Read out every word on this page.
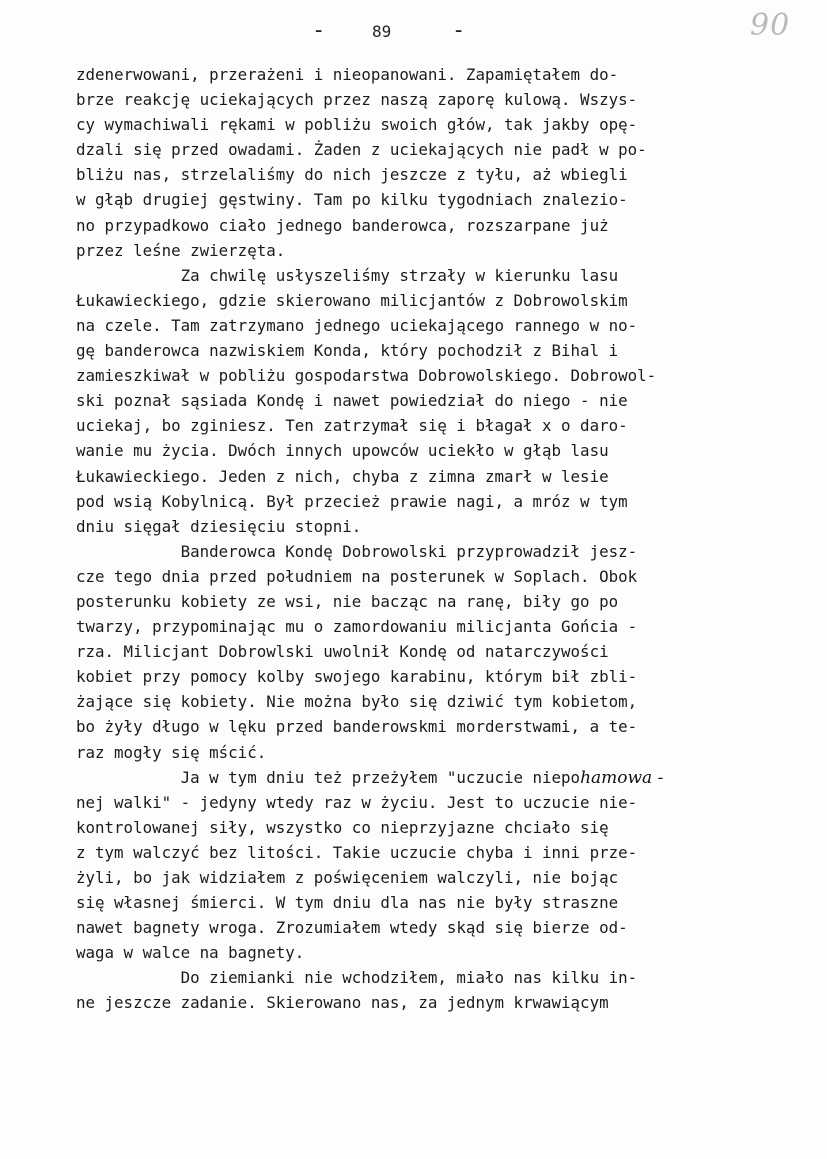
-	89	-	90
zdenerwowani, przerażeni i nieopanowani. Zapamiętałem do-
brze reakcję uciekających przez naszą zaporę kulową. Wszys-
cy wymachiwali rękami w pobliżu swoich głów, tak jakby opę-
dzali się przed owadami. Żaden z uciekających nie padł w po-
bliżu nas, strzelaliśmy do nich jeszcze z tyłu, aż wbiegli
w głąb drugiej gęstwiny. Tam po kilku tygodniach znalezio-
no przypadkowo ciało jednego banderowca, rozszarpane już
przez leśne zwierzęta.
Za chwilę usłyszeliśmy strzały w kierunku lasu
Łukawieckiego, gdzie skierowano milicjantów z Dobrowolskim
na czele. Tam zatrzymano jednego uciekającego rannego w no-
gę banderowca nazwiskiem Konda, który pochodził z Bihal i
zamieszkiwał w pobliżu gospodarstwa Dobrowolskiego. Dobrowol-
ski poznał sąsiada Kondę i nawet powiedział do niego - nie
uciekaj, bo zginiesz. Ten zatrzymał się i błagał x o daro-
wanie mu życia. Dwóch innych upowców uciekło w głąb lasu
Łukawieckiego. Jeden z nich, chyba z zimna zmarł w lesie
pod wsią Kobylnicą. Był przecież prawie nagi, a mróz w tym
dniu sięgał dziesięciu stopni.
Banderowca Kondę Dobrowolski przyprowadził jesz-
cze tego dnia przed południem na posterunek w Soplach. Obok
posterunku kobiety ze wsi, nie bacząc na ranę, biły go po
twarzy, przypominając mu o zamordowaniu milicjanta Gońcia -
rza. Milicjant Dobrowlski uwolnił Kondę od natarczywości
kobiet przy pomocy kolby swojego karabinu, którym bił zbli-
żające się kobiety. Nie można było się dziwić tym kobietom,
bo żyły długo w lęku przed banderowskmi morderstwami, a te-
raz mogły się mścić.
Ja w tym dniu też przeżyłem "uczucie niepohamowa -
nej walki" - jedyny wtedy raz w życiu. Jest to uczucie nie-
kontrolowanej siły, wszystko co nieprzyjazne chciało się
z tym walczyć bez litości. Takie uczucie chyba i inni prze-
żyli, bo jak widziałem z poświęceniem walczyli, nie bojąc
się własnej śmierci. W tym dniu dla nas nie były straszne
nawet bagnety wroga. Zrozumiałem wtedy skąd się bierze od-
waga w walce na bagnety.
Do ziemianki nie wchodziłem, miało nas kilku in-
ne jeszcze zadanie. Skierowano nas, za jednym krwawiącym
